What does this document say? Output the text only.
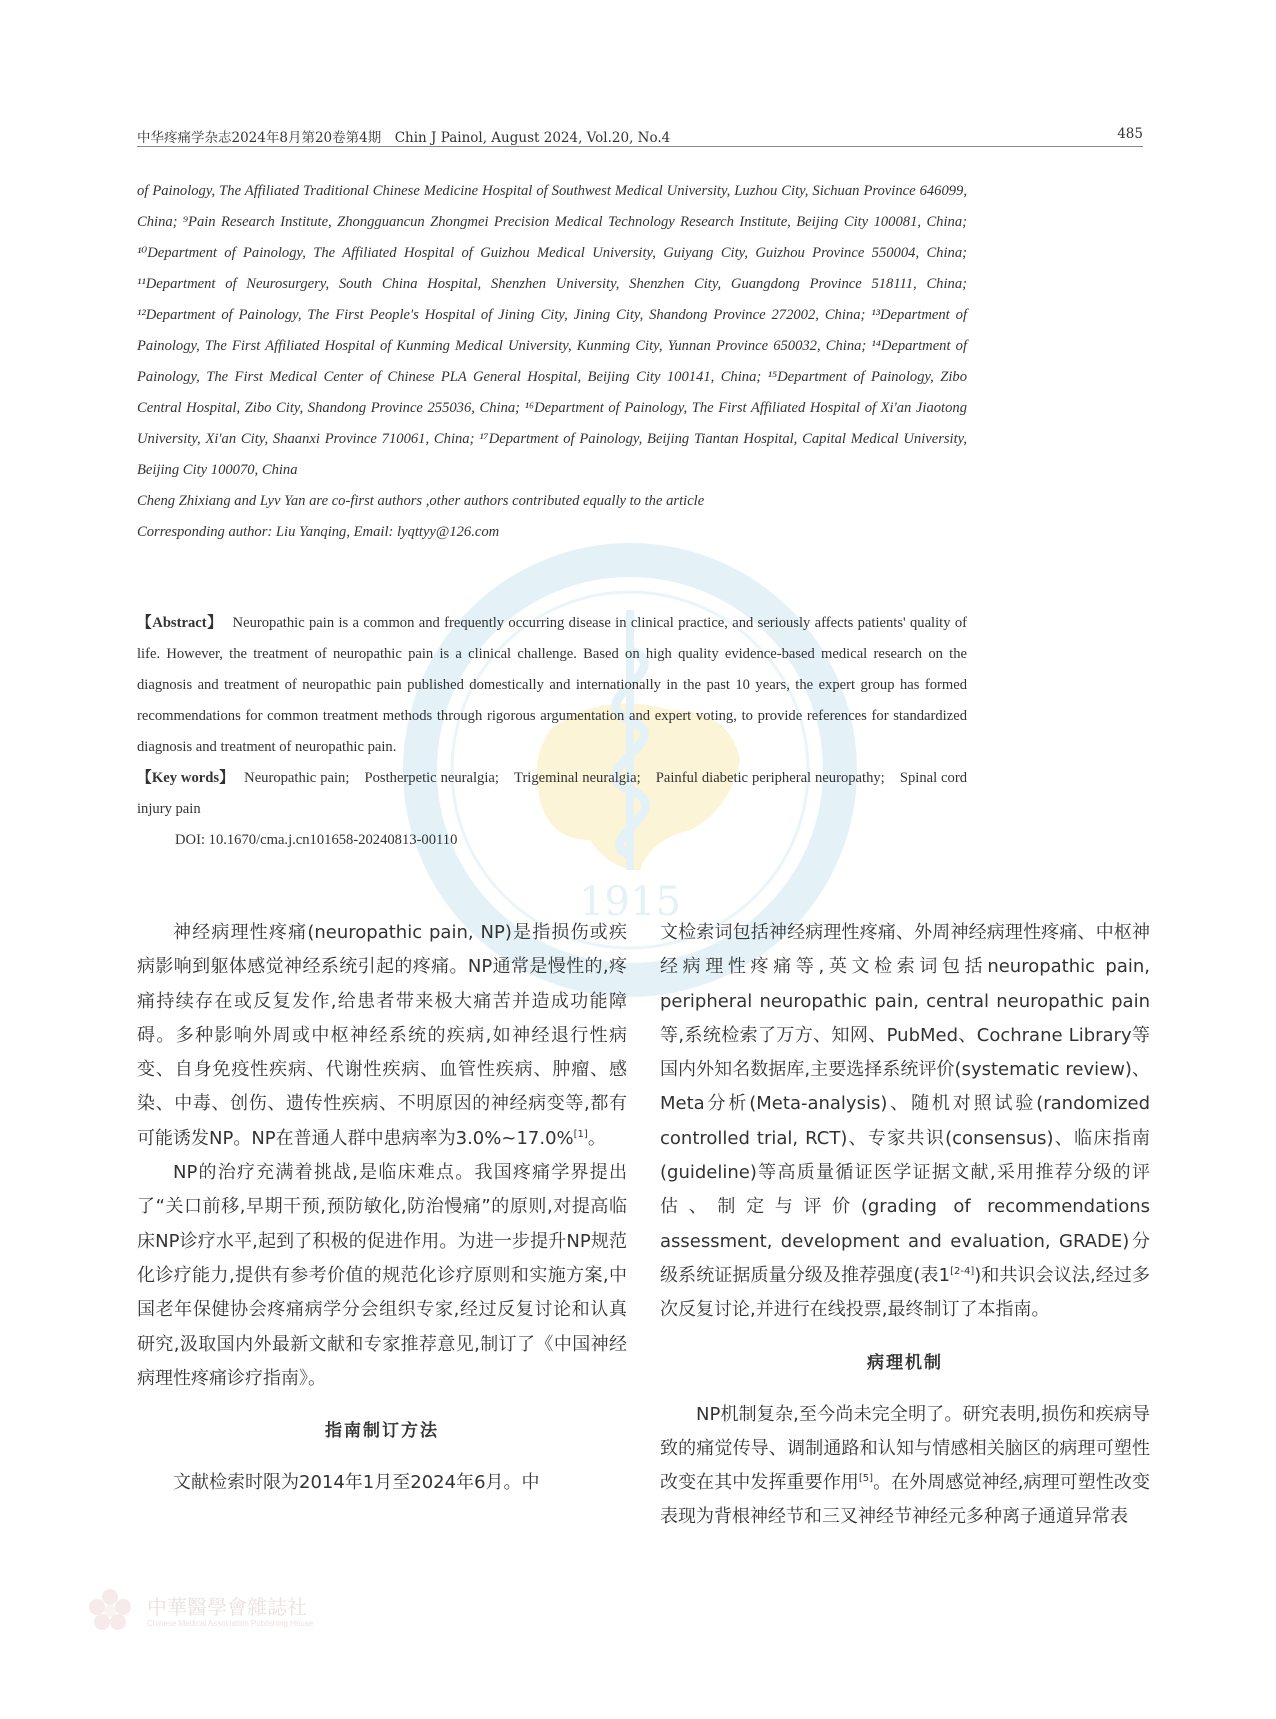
1915
中华疼痛学杂志2024年8月第20卷第4期　Chin J Painol, August 2024, Vol.20, No.4	485

of Painology, The Affiliated Traditional Chinese Medicine Hospital of Southwest Medical University, Luzhou City, Sichuan Province 646099, China; ⁹Pain Research Institute, Zhongguancun Zhongmei Precision Medical Technology Research Institute, Beijing City 100081, China; ¹⁰Department of Painology, The Affiliated Hospital of Guizhou Medical University, Guiyang City, Guizhou Province 550004, China; ¹¹Department of Neurosurgery, South China Hospital, Shenzhen University, Shenzhen City, Guangdong Province 518111, China; ¹²Department of Painology, The First People's Hospital of Jining City, Jining City, Shandong Province 272002, China; ¹³Department of Painology, The First Affiliated Hospital of Kunming Medical University, Kunming City, Yunnan Province 650032, China; ¹⁴Department of Painology, The First Medical Center of Chinese PLA General Hospital, Beijing City 100141, China; ¹⁵Department of Painology, Zibo Central Hospital, Zibo City, Shandong Province 255036, China; ¹⁶Department of Painology, The First Affiliated Hospital of Xi'an Jiaotong University, Xi'an City, Shaanxi Province 710061, China; ¹⁷Department of Painology, Beijing Tiantan Hospital, Capital Medical University, Beijing City 100070, China

Cheng Zhixiang and Lyv Yan are co-first authors ,other authors contributed equally to the article

Corresponding author: Liu Yanqing, Email: lyqttyy@126.com

【Abstract】 Neuropathic pain is a common and frequently occurring disease in clinical practice, and seriously affects patients' quality of life. However, the treatment of neuropathic pain is a clinical challenge. Based on high quality evidence-based medical research on the diagnosis and treatment of neuropathic pain published domestically and internationally in the past 10 years, the expert group has formed recommendations for common treatment methods through rigorous argumentation and expert voting, to provide references for standardized diagnosis and treatment of neuropathic pain.

【Key words】 Neuropathic pain;　Postherpetic neuralgia;　Trigeminal neuralgia;　Painful diabetic peripheral neuropathy;　Spinal cord injury pain

DOI: 10.1670/cma.j.cn101658-20240813-00110

神经病理性疼痛(neuropathic pain, NP)是指损伤或疾病影响到躯体感觉神经系统引起的疼痛。NP通常是慢性的,疼痛持续存在或反复发作,给患者带来极大痛苦并造成功能障碍。多种影响外周或中枢神经系统的疾病,如神经退行性病变、自身免疫性疾病、代谢性疾病、血管性疾病、肿瘤、感染、中毒、创伤、遗传性疾病、不明原因的神经病变等,都有可能诱发NP。NP在普通人群中患病率为3.0%~17.0%[1]。

NP的治疗充满着挑战,是临床难点。我国疼痛学界提出了“关口前移,早期干预,预防敏化,防治慢痛”的原则,对提高临床NP诊疗水平,起到了积极的促进作用。为进一步提升NP规范化诊疗能力,提供有参考价值的规范化诊疗原则和实施方案,中国老年保健协会疼痛病学分会组织专家,经过反复讨论和认真研究,汲取国内外最新文献和专家推荐意见,制订了《中国神经病理性疼痛诊疗指南》。

指南制订方法

文献检索时限为2014年1月至2024年6月。中

文检索词包括神经病理性疼痛、外周神经病理性疼痛、中枢神经病理性疼痛等,英文检索词包括neuropathic pain, peripheral neuropathic pain, central neuropathic pain等,系统检索了万方、知网、PubMed、Cochrane Library等国内外知名数据库,主要选择系统评价(systematic review)、Meta分析(Meta-analysis)、随机对照试验(randomized controlled trial, RCT)、专家共识(consensus)、临床指南(guideline)等高质量循证医学证据文献,采用推荐分级的评估、制定与评价(grading of recommendations assessment, development and evaluation, GRADE)分级系统证据质量分级及推荐强度(表1[2-4])和共识会议法,经过多次反复讨论,并进行在线投票,最终制订了本指南。

病理机制

NP机制复杂,至今尚未完全明了。研究表明,损伤和疾病导致的痛觉传导、调制通路和认知与情感相关脑区的病理可塑性改变在其中发挥重要作用[5]。在外周感觉神经,病理可塑性改变表现为背根神经节和三叉神经节神经元多种离子通道异常表

中華醫學會雜誌社
Chinese Medical Association Publishing House
